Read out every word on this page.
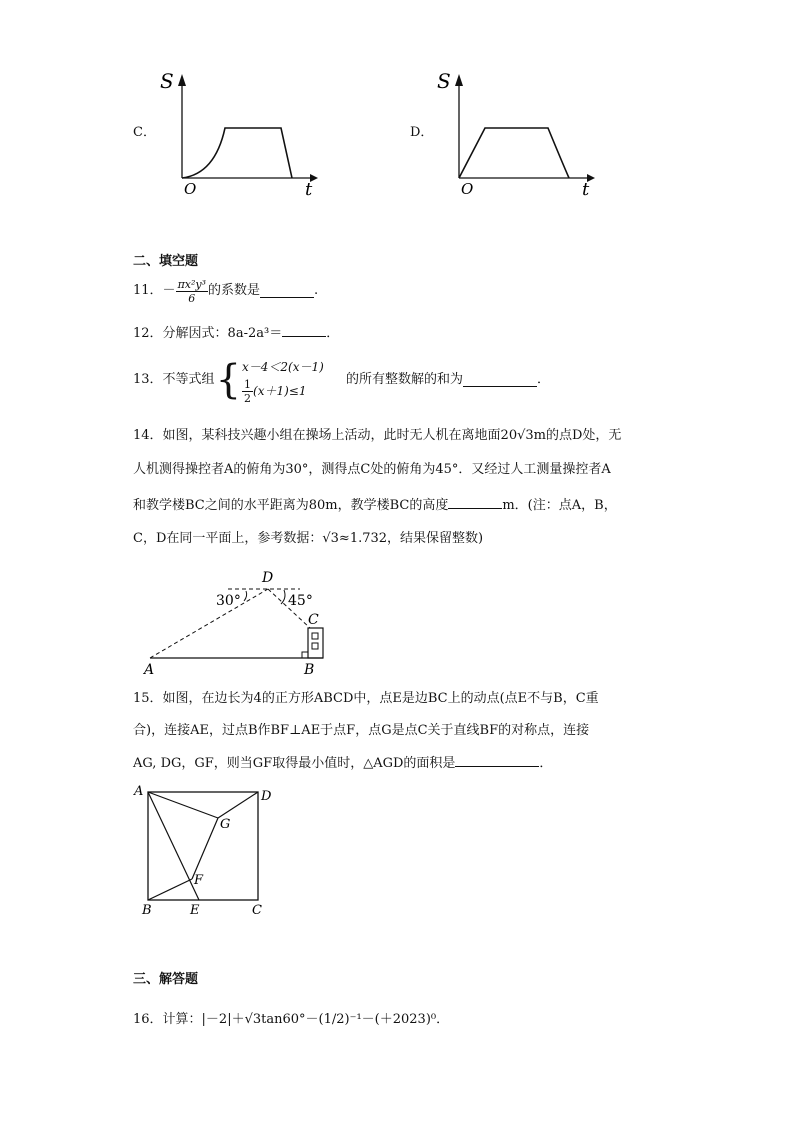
C．
S
t
O
D．
S
t
O
二、填空题
11． － $\frac{\text{πx²y³}}{6}$ 的系数是	.
12．分解因式：8a-2a³＝	．
13． 不等式组 { x－4＜2(x－1)
$\frac{1}{2} (x+1)\le 1$
的所有整数解的和为	．
14．如图，某科技兴趣小组在操场上活动，此时无人机在离地面20√3m的点D处，无
人机测得操控者A的俯角为30°，测得点C处的俯角为45°．又经过人工测量操控者A
和教学楼BC之间的水平距离为80m，教学楼BC的高度	m．(注：点A，B，
C，D在同一平面上，参考数据：√3≈1.732，结果保留整数)
D
C
A	B
30°	45°
15．如图，在边长为4的正方形ABCD中，点E是边BC上的动点(点E不与B，C重
合)，连接AE，过点B作BF⊥AE于点F，点G是点C关于直线BF的对称点，连接
AG, DG，GF，则当GF取得最小值时，△AGD的面积是	．
A	D
G
F
B	E	C
三、解答题
16．计算：|－2|＋√3tan60°－(1/2)⁻¹－(＋2023)⁰．
